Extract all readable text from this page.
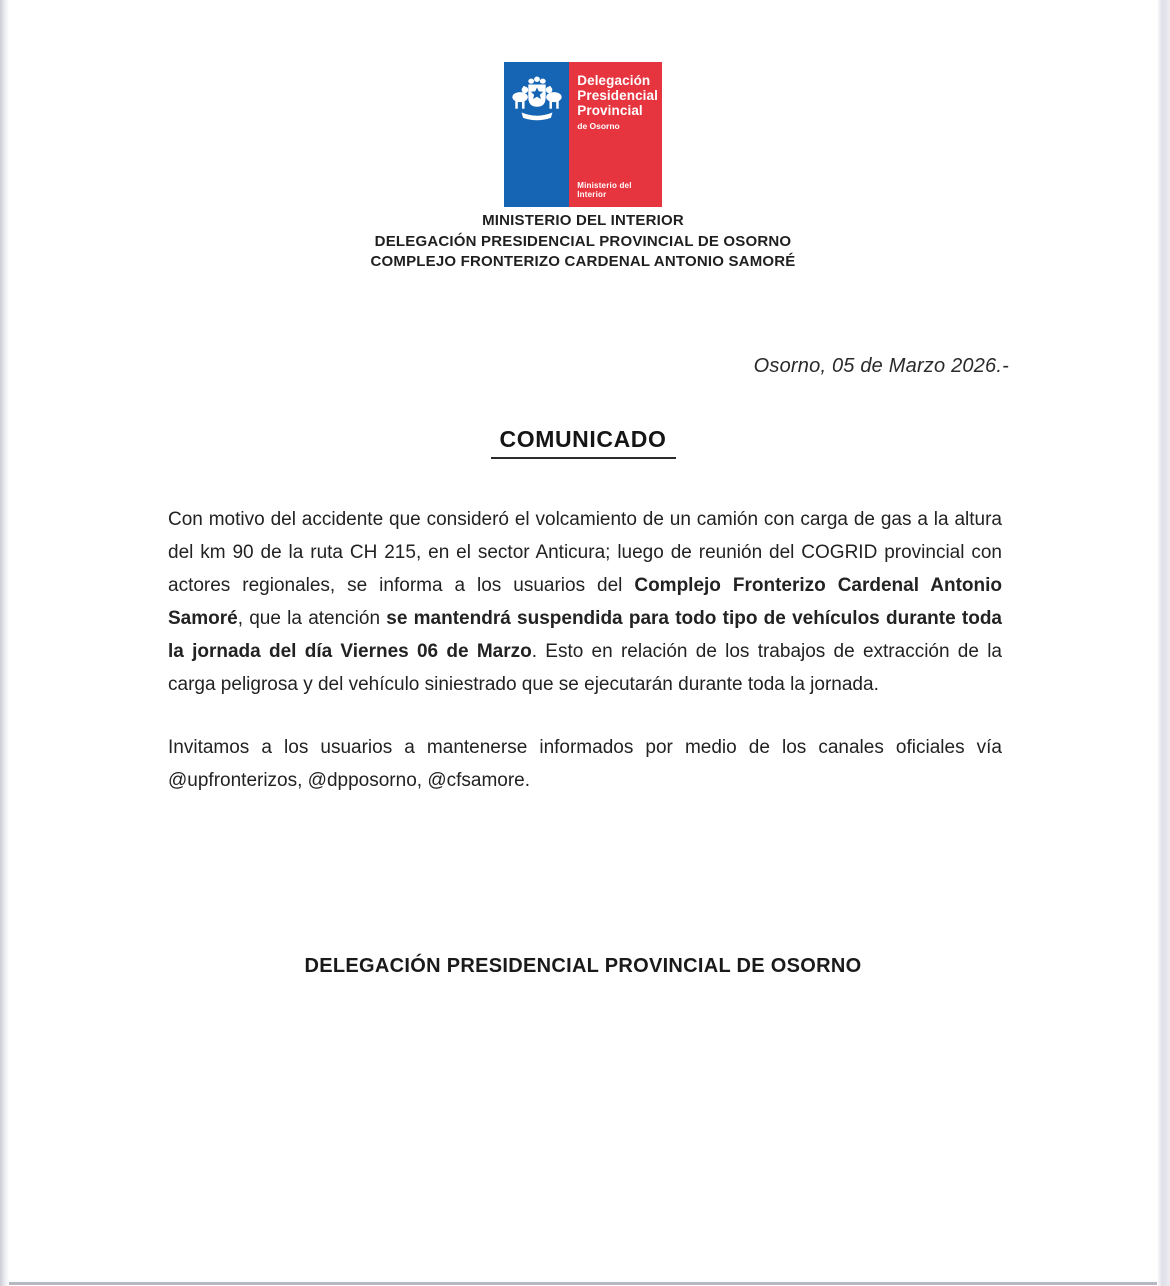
Delegación
Presidencial
Provincial
de Osorno
Ministerio del Interior
MINISTERIO DEL INTERIOR
DELEGACIÓN PRESIDENCIAL PROVINCIAL DE OSORNO
COMPLEJO FRONTERIZO CARDENAL ANTONIO SAMORÉ
Osorno, 05 de Marzo 2026.-
COMUNICADO

Con motivo del accidente que consideró el volcamiento de un camión con carga de gas a la altura del km 90 de la ruta CH 215, en el sector Anticura; luego de reunión del COGRID provincial con actores regionales, se informa a los usuarios del Complejo Fronterizo Cardenal Antonio Samoré, que la atención se mantendrá suspendida para todo tipo de vehículos durante toda la jornada del día Viernes 06 de Marzo. Esto en relación de los trabajos de extracción de la carga peligrosa y del vehículo siniestrado que se ejecutarán durante toda la jornada.

Invitamos a los usuarios a mantenerse informados por medio de los canales oficiales vía @upfronterizos, @dpposorno, @cfsamore.

DELEGACIÓN PRESIDENCIAL PROVINCIAL DE OSORNO
